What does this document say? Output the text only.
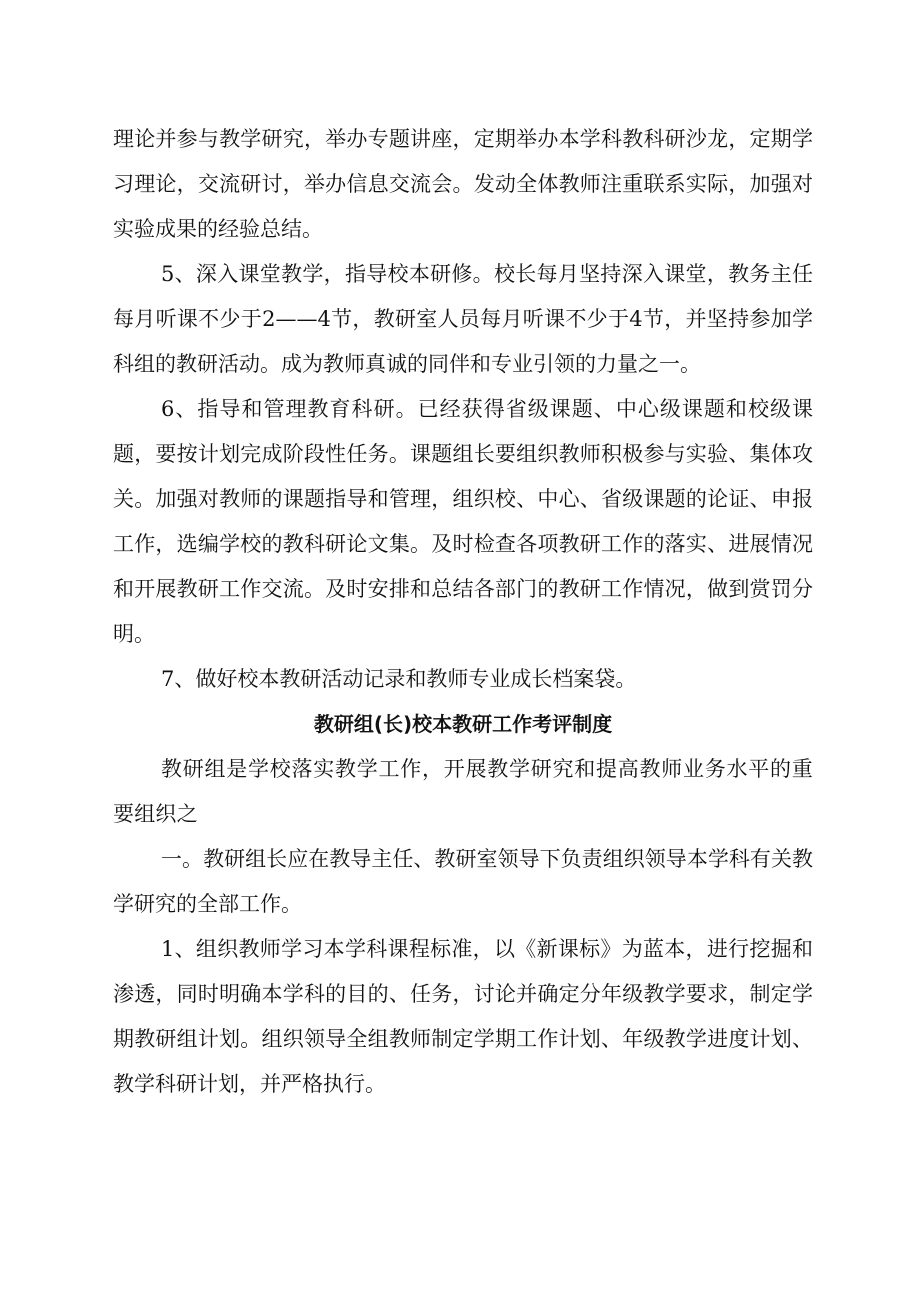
理论并参与教学研究，举办专题讲座，定期举办本学科教科研沙龙，定期学习理论，交流研讨，举办信息交流会。发动全体教师注重联系实际，加强对实验成果的经验总结。

5、深入课堂教学，指导校本研修。校长每月坚持深入课堂，教务主任每月听课不少于2——4节，教研室人员每月听课不少于4节，并坚持参加学科组的教研活动。成为教师真诚的同伴和专业引领的力量之一。

6、指导和管理教育科研。已经获得省级课题、中心级课题和校级课题，要按计划完成阶段性任务。课题组长要组织教师积极参与实验、集体攻关。加强对教师的课题指导和管理，组织校、中心、省级课题的论证、申报工作，选编学校的教科研论文集。及时检查各项教研工作的落实、进展情况和开展教研工作交流。及时安排和总结各部门的教研工作情况，做到赏罚分明。

7、做好校本教研活动记录和教师专业成长档案袋。

教研组(长)校本教研工作考评制度

教研组是学校落实教学工作，开展教学研究和提高教师业务水平的重要组织之

一。教研组长应在教导主任、教研室领导下负责组织领导本学科有关教学研究的全部工作。

1、组织教师学习本学科课程标准，以《新课标》为蓝本，进行挖掘和渗透，同时明确本学科的目的、任务，讨论并确定分年级教学要求，制定学期教研组计划。组织领导全组教师制定学期工作计划、年级教学进度计划、教学科研计划，并严格执行。
